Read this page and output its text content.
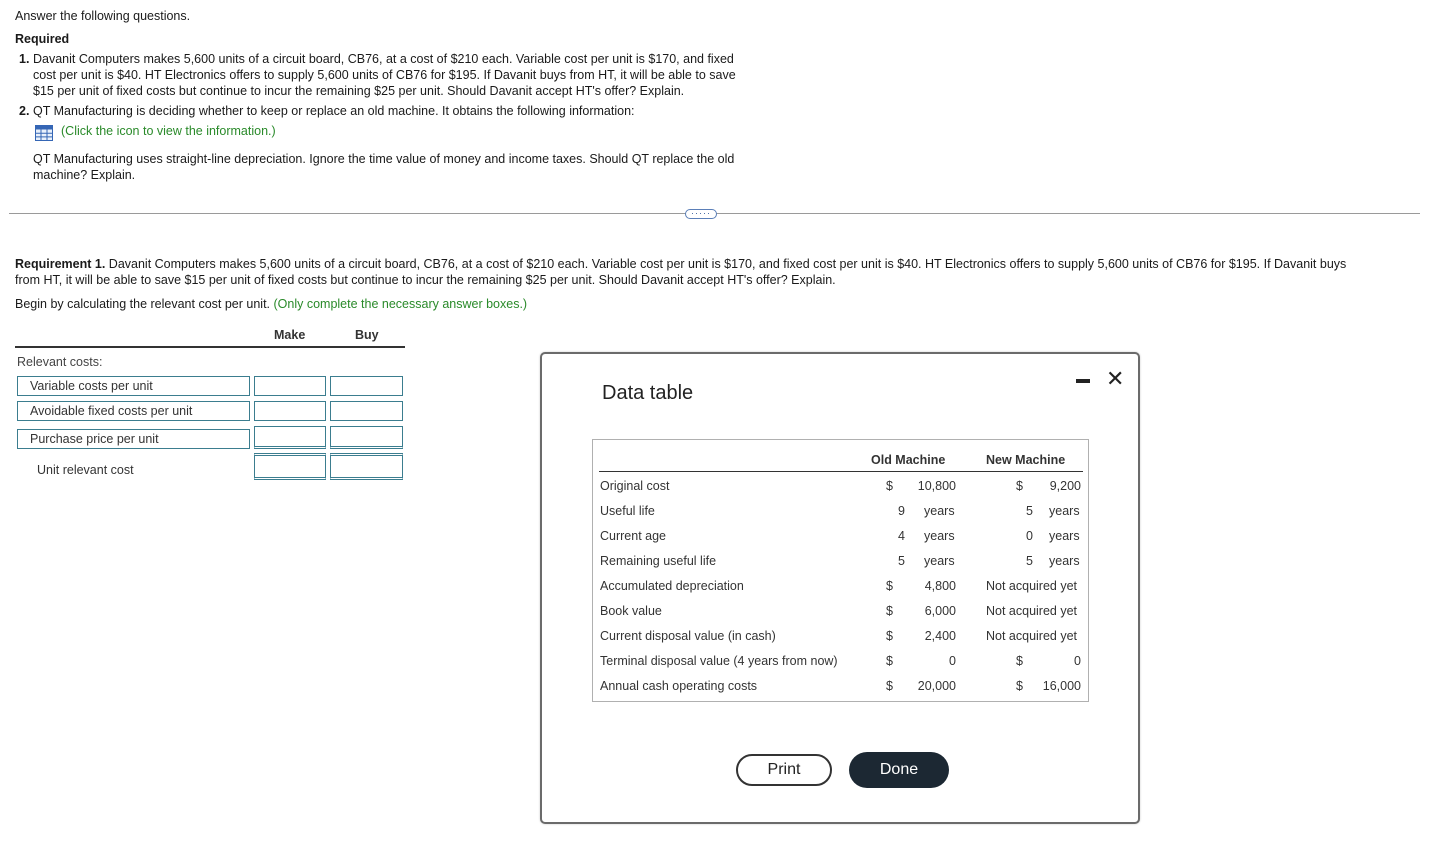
Answer the following questions.
Required
1. Davanit Computers makes 5,600 units of a circuit board, CB76, at a cost of $210 each. Variable cost per unit is $170, and fixed
cost per unit is $40. HT Electronics offers to supply 5,600 units of CB76 for $195. If Davanit buys from HT, it will be able to save
$15 per unit of fixed costs but continue to incur the remaining $25 per unit. Should Davanit accept HT's offer? Explain.
2. QT Manufacturing is deciding whether to keep or replace an old machine. It obtains the following information:
(Click the icon to view the information.)
QT Manufacturing uses straight-line depreciation. Ignore the time value of money and income taxes. Should QT replace the old
machine? Explain.
·····
Requirement 1. Davanit Computers makes 5,600 units of a circuit board, CB76, at a cost of $210 each. Variable cost per unit is $170, and fixed cost per unit is $40. HT Electronics offers to supply 5,600 units of CB76 for $195. If Davanit buys
from HT, it will be able to save $15 per unit of fixed costs but continue to incur the remaining $25 per unit. Should Davanit accept HT's offer? Explain.
Begin by calculating the relevant cost per unit. (Only complete the necessary answer boxes.)
Make	Buy
Relevant costs:
Variable costs per unit
Avoidable fixed costs per unit
Purchase price per unit
Unit relevant cost
Data table
✕
Old Machine	New Machine
Original cost	$	10,800	$	9,200
Useful life	9 years	5 years
Current age	4 years	0 years
Remaining useful life	5 years	5 years
Accumulated depreciation	$	4,800 Not acquired yet
Book value	$	6,000 Not acquired yet
Current disposal value (in cash)	$	2,400 Not acquired yet
Terminal disposal value (4 years from now)	$	0	$	0
Annual cash operating costs	$	20,000	$	16,000
Print	Done
